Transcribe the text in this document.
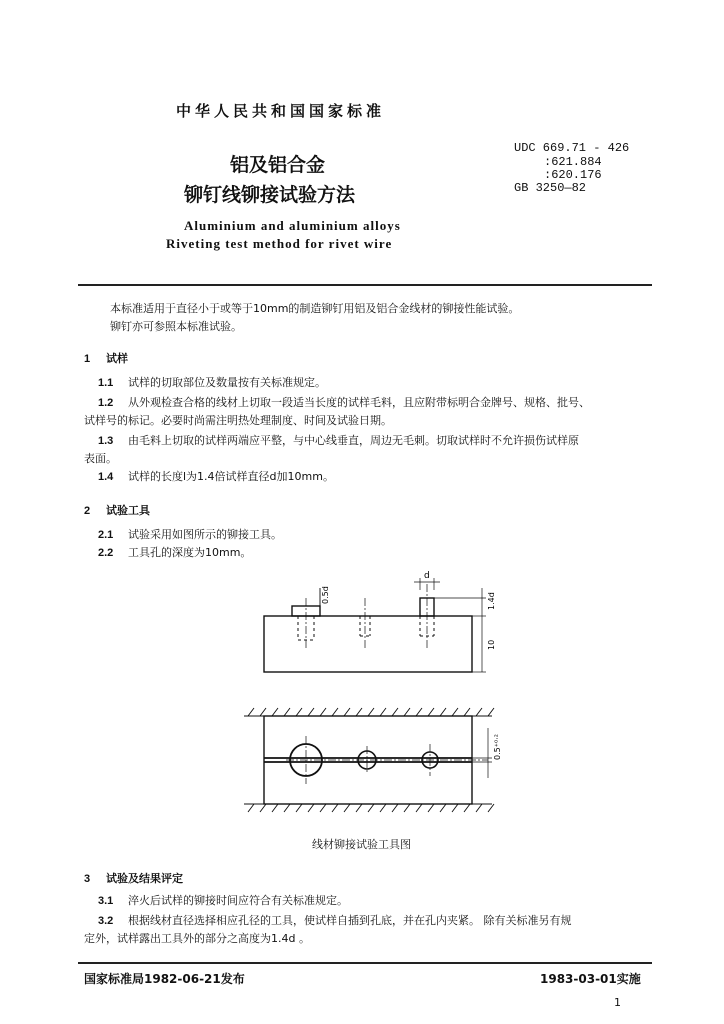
中华人民共和国国家标准
铝及铝合金
铆钉线铆接试验方法
Aluminium and aluminium alloys
Riveting test method for rivet wire
UDC 669.71 - 426
:621.884
:620.176
GB 3250—82
本标准适用于直径小于或等于10mm的制造铆钉用铝及铝合金线材的铆接性能试验。
铆钉亦可参照本标准试验。
1 试样
1.1 试样的切取部位及数量按有关标准规定。
1.2 从外观检查合格的线材上切取一段适当长度的试样毛料，且应附带标明合金牌号、规格、批号、
试样号的标记。必要时尚需注明热处理制度、时间及试验日期。
1.3 由毛料上切取的试样两端应平整，与中心线垂直，周边无毛刺。切取试样时不允许损伤试样原
表面。
1.4 试样的长度l为1.4倍试样直径d加10mm。
2 试验工具
2.1 试验采用如图所示的铆接工具。
2.2 工具孔的深度为10mm。
0.5d
d
1.4d
10
0.5⁺⁰·²
线材铆接试验工具图
3 试验及结果评定
3.1 淬火后试样的铆接时间应符合有关标准规定。
3.2 根据线材直径选择相应孔径的工具，使试样自插到孔底，并在孔内夹紧。 除有关标准另有规
定外，试样露出工具外的部分之高度为1.4d 。
国家标准局1982-06-21发布	1983-03-01实施
1
